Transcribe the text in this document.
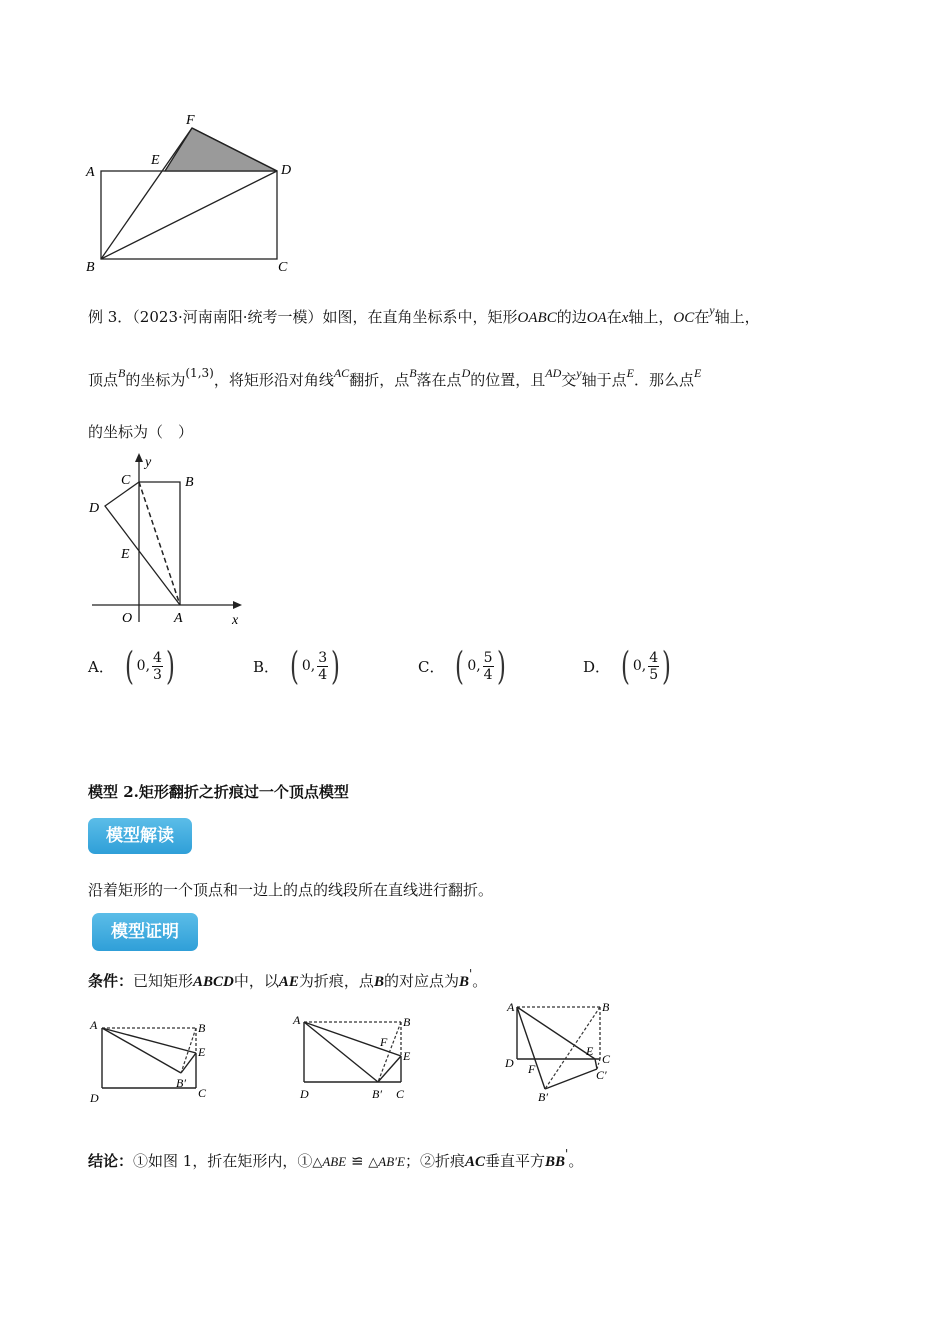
F
E
A	D
B	C
例 3．（2023·河南南阳·统考一模）如图，在直角坐标系中，矩形OABC的边OA在x轴上，OC在$^y$轴上，
顶点$^B$的坐标为$^{(1,3)}$，将矩形沿对角线$^{AC}$翻折，点$^B$落在点$^D$的位置，且$^{AD}$交$^y$轴于点$^E$．那么点$^E$
的坐标为（　）
C
y
B
D
E
O	A	x
A． ( 0,
4
3 )	B． ( 0,
3
4 )	C． ( 0,
5
4 )	D． ( 0,
4
5 )
模型 2.矩形翻折之折痕过一个顶点模型
模型解读
沿着矩形的一个顶点和一边上的点的线段所在直线进行翻折。
模型证明
条件：已知矩形ABCD中，以AE为折痕，点B的对应点为B'。
A	B
E
B′
D	C
A	B
F
E
D	B′ C
A	B
D
E
C
F	C′
B′
结论：①如图 1，折在矩形内，①△ABE ≌ △AB′E；②折痕AC垂直平方BB'。
